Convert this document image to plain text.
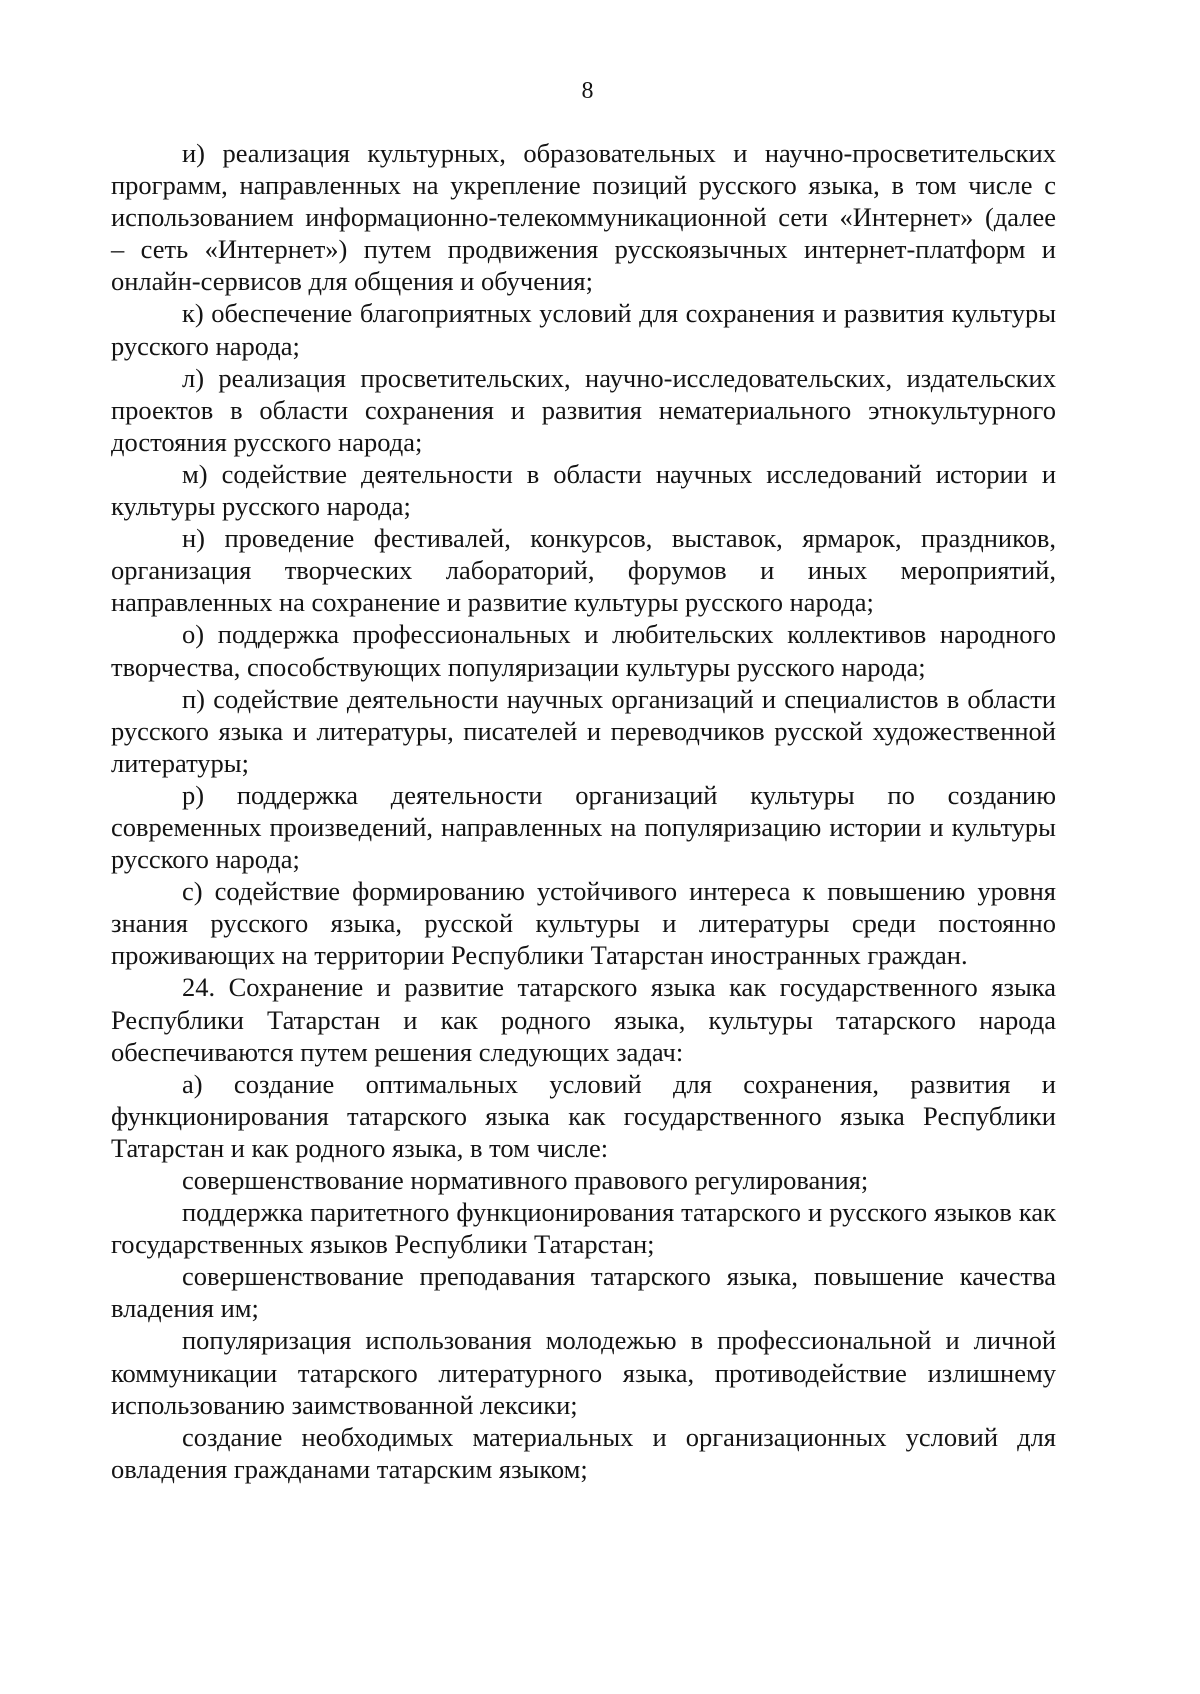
8

и) реализация культурных, образовательных и научно-просветительских программ, направленных на укрепление позиций русского языка, в том числе с использованием информационно-телекоммуникационной сети «Интернет» (далее – сеть «Интернет») путем продвижения русскоязычных интернет-платформ и онлайн-сервисов для общения и обучения;

к) обеспечение благоприятных условий для сохранения и развития культуры русского народа;

л) реализация просветительских, научно-исследовательских, издательских проектов в области сохранения и развития нематериального этнокультурного достояния русского народа;

м) содействие деятельности в области научных исследований истории и культуры русского народа;

н) проведение фестивалей, конкурсов, выставок, ярмарок, праздников, организация творческих лабораторий, форумов и иных мероприятий, направленных на сохранение и развитие культуры русского народа;

о) поддержка профессиональных и любительских коллективов народного творчества, способствующих популяризации культуры русского народа;

п) содействие деятельности научных организаций и специалистов в области русского языка и литературы, писателей и переводчиков русской художественной литературы;

р) поддержка деятельности организаций культуры по созданию современных произведений, направленных на популяризацию истории и культуры русского народа;

с) содействие формированию устойчивого интереса к повышению уровня знания русского языка, русской культуры и литературы среди постоянно проживающих на территории Республики Татарстан иностранных граждан.

24. Сохранение и развитие татарского языка как государственного языка Республики Татарстан и как родного языка, культуры татарского народа обеспечиваются путем решения следующих задач:

а) создание оптимальных условий для сохранения, развития и функционирования татарского языка как государственного языка Республики Татарстан и как родного языка, в том числе:

совершенствование нормативного правового регулирования;

поддержка паритетного функционирования татарского и русского языков как государственных языков Республики Татарстан;

совершенствование преподавания татарского языка, повышение качества владения им;

популяризация использования молодежью в профессиональной и личной коммуникации татарского литературного языка, противодействие излишнему использованию заимствованной лексики;

создание необходимых материальных и организационных условий для овладения гражданами татарским языком;
